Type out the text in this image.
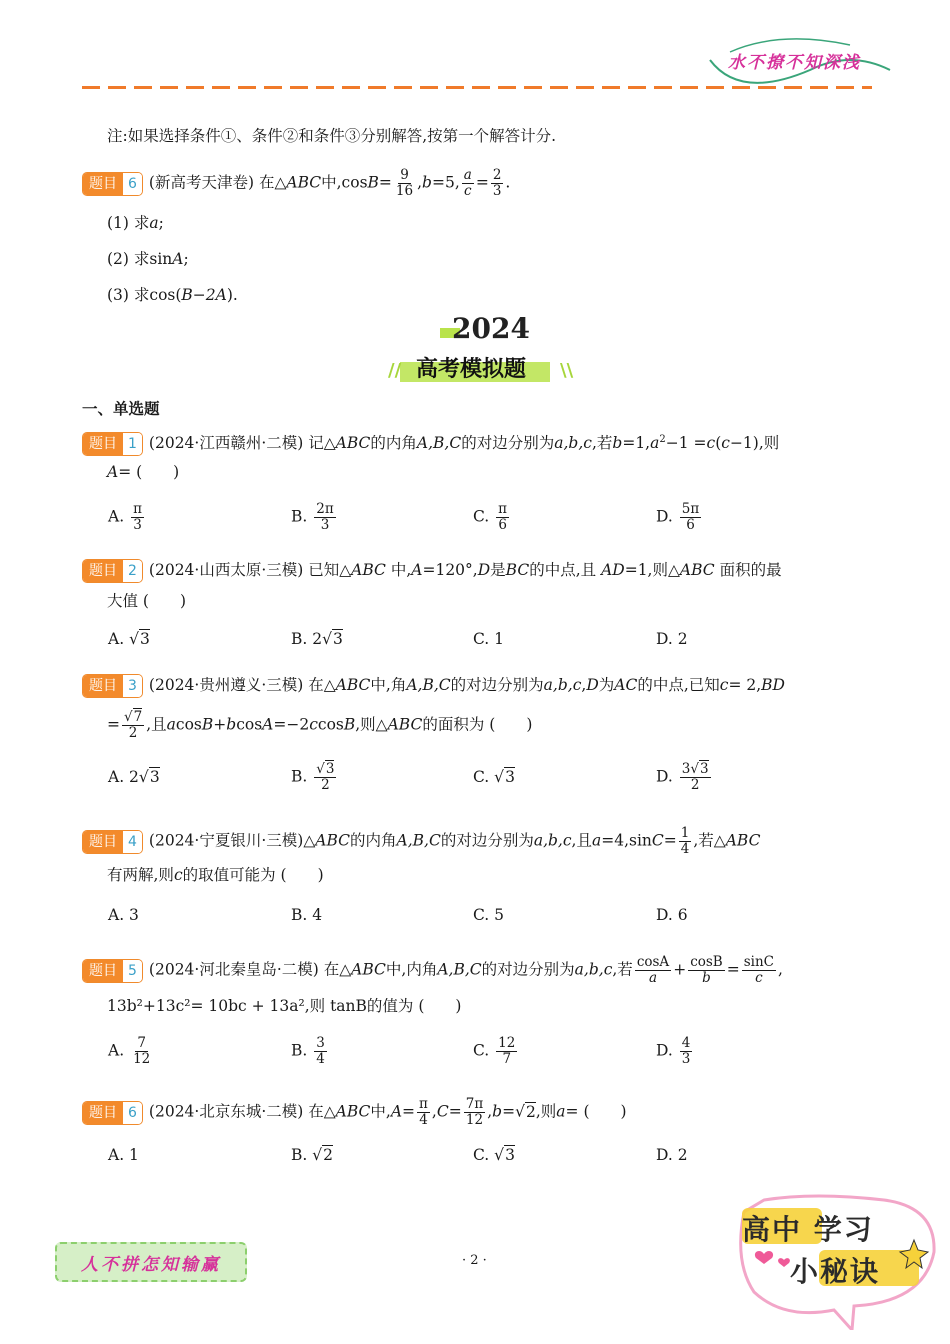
水不撩不知深浅
注:如果选择条件①、条件②和条件③分别解答,按第一个解答计分.
题目 6 (新高考天津卷) 在△ABC中$,\cos B= \frac{9}{16} ,b=5$, $\frac{a}{c} = \frac{2}{3}$ .
(1) 求a;
(2) 求sinA;
(3) 求cos(B−2A).
2024
//	\\
高考模拟题
一、单选题
题目 1 (2024·江西赣州·二模) 记△ABC的内角A,B,C的对边分别为a,b,c,若$b=1,a^2-1 =c(c-1)$,则
A= (　　)
A. $\frac{\pi}{3}$	B. $\frac{2\pi}{3}$	C. $\frac{\pi}{6}$	D. $\frac{5\pi}{6}$
题目 2 (2024·山西太原·三模) 已知△ABC 中,A=120°,D是BC的中点,且 AD=1,则△ABC 面积的最
大值 (　　)
A. √3	B. 2√3	C. 1	D. 2
题目 3 (2024·贵州遵义·三模) 在△ABC中,角A,B,C的对边分别为a,b,c,D为AC的中点,已知c= 2,BD
= $\frac{√7}{2}$ ,且acosB+bcosA=−2ccosB,则△ABC的面积为 (　　)
A. 2√3	B. $\frac{√3}{2}$	C. √3	D. $\frac{3√3}{2}$
题目 4 (2024·宁夏银川·三模)△ABC的内角A,B,C的对边分别为a,b,c,且$a=4,\sin C= \frac{1}{4}$ ,若△ABC
有两解,则c的取值可能为 (　　)
A. 3	B. 4	C. 5	D. 6
题目 5 (2024·河北秦皇岛·二模) 在△ABC中,内角A,B,C的对边分别为a,b,c,若 $\frac{\cos A}{a} + \frac{\cos B}{b} = \frac{\sin C}{c}$ ,
13b²+13c²= 10bc + 13a²,则 tanB的值为 (　　)
A. $\frac{7}{12}$	B. $\frac{3}{4}$	C. $\frac{12}{7}$	D. $\frac{4}{3}$
题目 6 (2024·北京东城·二模) 在△ABC中$,A= \frac{\pi}{4} ,C= \frac{7\pi}{12} ,b=√2$,则a= (　　)
A. 1	B. √2	C. √3	D. 2
人不拼怎知输赢	· 2 ·
高中 学习
小秘诀
